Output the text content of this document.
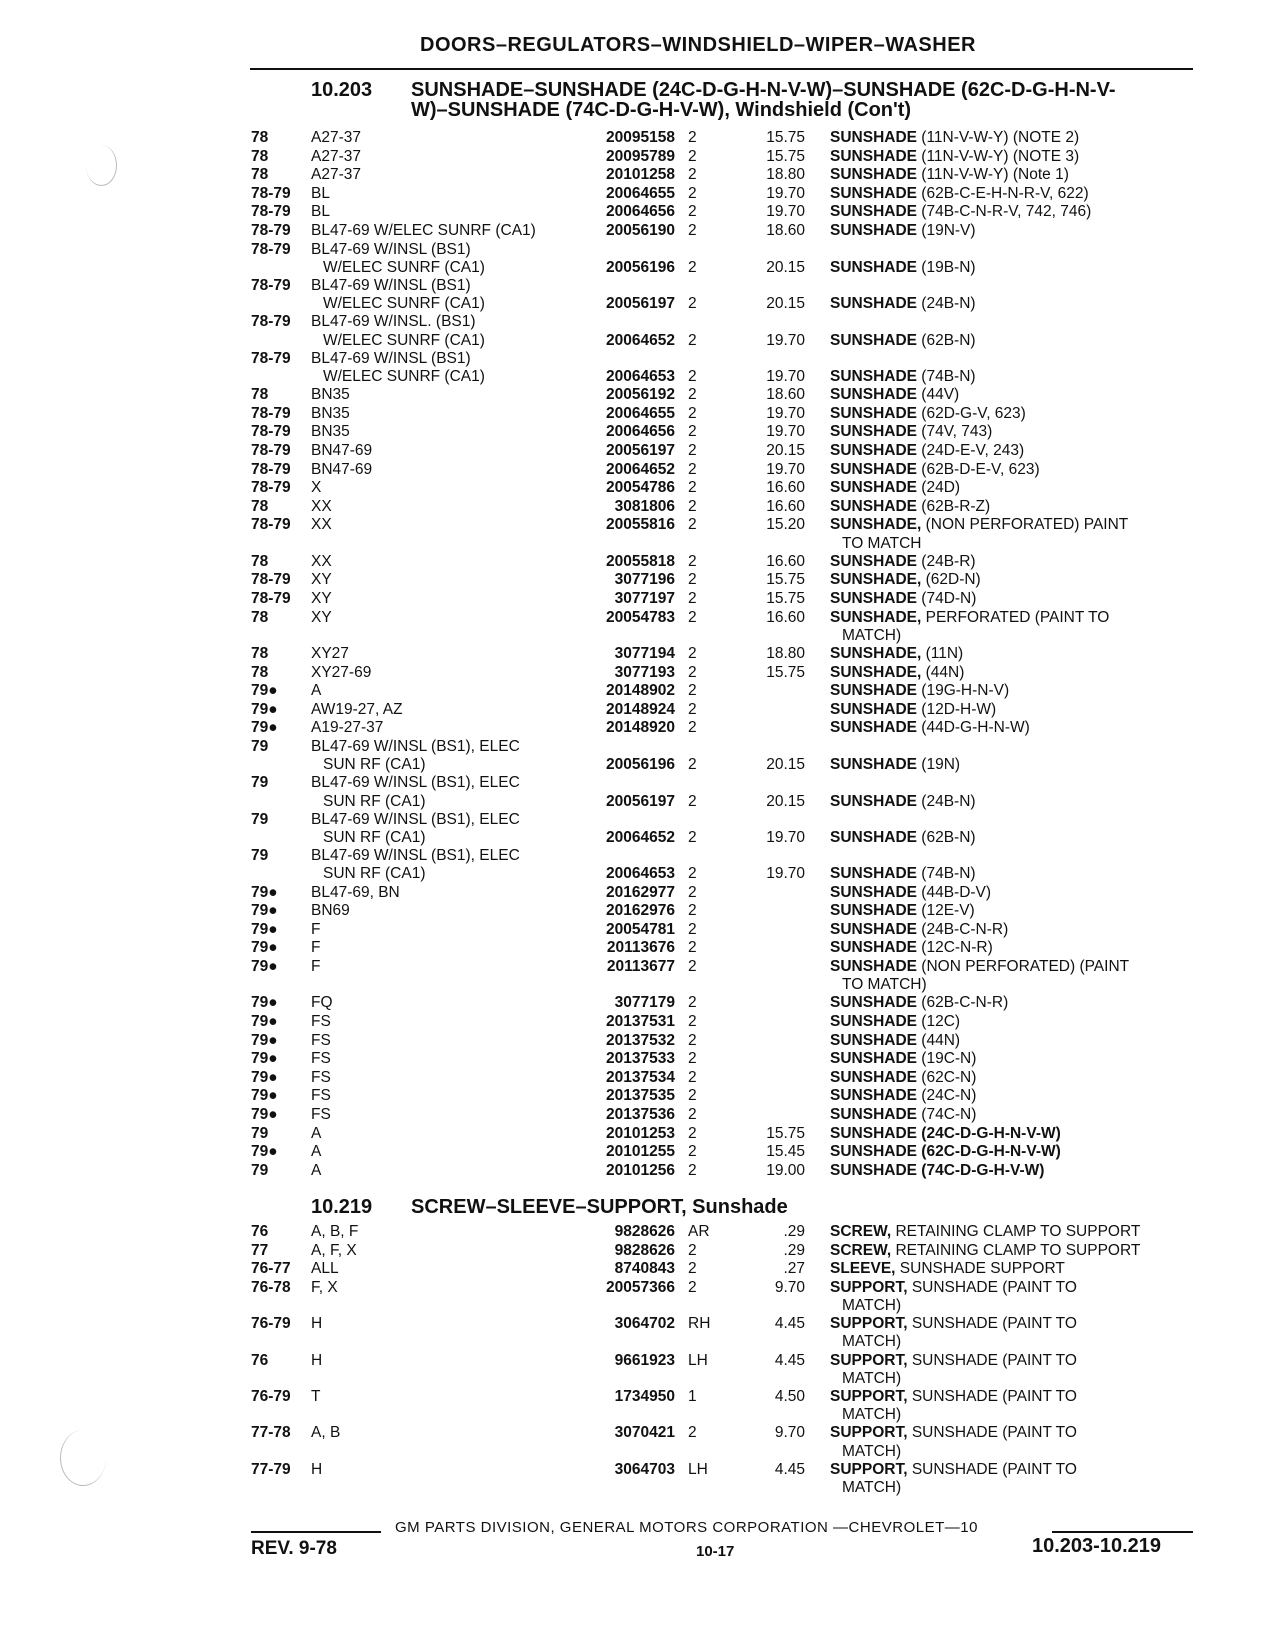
DOORS–REGULATORS–WINDSHIELD–WIPER–WASHER
10.203 SUNSHADE–SUNSHADE (24C-D-G-H-N-V-W)–SUNSHADE (62C-D-G-H-N-V-
W)–SUNSHADE (74C-D-G-H-V-W), Windshield (Con't)
78	A27-37	20095158 2	15.75 SUNSHADE (11N-V-W-Y) (NOTE 2)
78	A27-37	20095789 2	15.75 SUNSHADE (11N-V-W-Y) (NOTE 3)
78	A27-37	20101258 2	18.80 SUNSHADE (11N-V-W-Y) (Note 1)
78-79	BL	20064655 2	19.70 SUNSHADE (62B-C-E-H-N-R-V, 622)
78-79	BL	20064656 2	19.70 SUNSHADE (74B-C-N-R-V, 742, 746)
78-79	BL47-69 W/ELEC SUNRF (CA1)	20056190 2	18.60 SUNSHADE (19N-V)
78-79	BL47-69 W/INSL (BS1)
W/ELEC SUNRF (CA1)	20056196 2	20.15 SUNSHADE (19B-N)
78-79	BL47-69 W/INSL (BS1)
W/ELEC SUNRF (CA1)	20056197 2	20.15 SUNSHADE (24B-N)
78-79	BL47-69 W/INSL. (BS1)
W/ELEC SUNRF (CA1)	20064652 2	19.70 SUNSHADE (62B-N)
78-79	BL47-69 W/INSL (BS1)
W/ELEC SUNRF (CA1)	20064653 2	19.70 SUNSHADE (74B-N)
78	BN35	20056192 2	18.60 SUNSHADE (44V)
78-79	BN35	20064655 2	19.70 SUNSHADE (62D-G-V, 623)
78-79	BN35	20064656 2	19.70 SUNSHADE (74V, 743)
78-79	BN47-69	20056197 2	20.15 SUNSHADE (24D-E-V, 243)
78-79	BN47-69	20064652 2	19.70 SUNSHADE (62B-D-E-V, 623)
78-79	X	20054786 2	16.60 SUNSHADE (24D)
78	XX	3081806 2	16.60 SUNSHADE (62B-R-Z)
78-79	XX	20055816 2	15.20 SUNSHADE, (NON PERFORATED) PAINT
TO MATCH
78	XX	20055818 2	16.60 SUNSHADE (24B-R)
78-79	XY	3077196 2	15.75 SUNSHADE, (62D-N)
78-79	XY	3077197 2	15.75 SUNSHADE (74D-N)
78	XY	20054783 2	16.60 SUNSHADE, PERFORATED (PAINT TO
MATCH)
78	XY27	3077194 2	18.80 SUNSHADE, (11N)
78	XY27-69	3077193 2	15.75 SUNSHADE, (44N)
79●	A	20148902 2	SUNSHADE (19G-H-N-V)
79●	AW19-27, AZ	20148924 2	SUNSHADE (12D-H-W)
79●	A19-27-37	20148920 2	SUNSHADE (44D-G-H-N-W)
79	BL47-69 W/INSL (BS1), ELEC
SUN RF (CA1)	20056196 2	20.15 SUNSHADE (19N)
79	BL47-69 W/INSL (BS1), ELEC
SUN RF (CA1)	20056197 2	20.15 SUNSHADE (24B-N)
79	BL47-69 W/INSL (BS1), ELEC
SUN RF (CA1)	20064652 2	19.70 SUNSHADE (62B-N)
79	BL47-69 W/INSL (BS1), ELEC
SUN RF (CA1)	20064653 2	19.70 SUNSHADE (74B-N)
79●	BL47-69, BN	20162977 2	SUNSHADE (44B-D-V)
79●	BN69	20162976 2	SUNSHADE (12E-V)
79●	F	20054781 2	SUNSHADE (24B-C-N-R)
79●	F	20113676 2	SUNSHADE (12C-N-R)
79●	F	20113677 2	SUNSHADE (NON PERFORATED) (PAINT
TO MATCH)
79●	FQ	3077179 2	SUNSHADE (62B-C-N-R)
79●	FS	20137531 2	SUNSHADE (12C)
79●	FS	20137532 2	SUNSHADE (44N)
79●	FS	20137533 2	SUNSHADE (19C-N)
79●	FS	20137534 2	SUNSHADE (62C-N)
79●	FS	20137535 2	SUNSHADE (24C-N)
79●	FS	20137536 2	SUNSHADE (74C-N)
79	A	20101253 2	15.75 SUNSHADE (24C-D-G-H-N-V-W)
79●	A	20101255 2	15.45 SUNSHADE (62C-D-G-H-N-V-W)
79	A	20101256 2	19.00 SUNSHADE (74C-D-G-H-V-W)
10.219 SCREW–SLEEVE–SUPPORT, Sunshade
76	A, B, F	9828626 AR	.29 SCREW, RETAINING CLAMP TO SUPPORT
77	A, F, X	9828626 2	.29 SCREW, RETAINING CLAMP TO SUPPORT
76-77	ALL	8740843 2	.27 SLEEVE, SUNSHADE SUPPORT
76-78	F, X	20057366 2	9.70 SUPPORT, SUNSHADE (PAINT TO
MATCH)
76-79	H	3064702 RH	4.45 SUPPORT, SUNSHADE (PAINT TO
MATCH)
76	H	9661923 LH	4.45 SUPPORT, SUNSHADE (PAINT TO
MATCH)
76-79	T	1734950 1	4.50 SUPPORT, SUNSHADE (PAINT TO
MATCH)
77-78	A, B	3070421 2	9.70 SUPPORT, SUNSHADE (PAINT TO
MATCH)
77-79	H	3064703 LH	4.45 SUPPORT, SUNSHADE (PAINT TO
MATCH)
GM PARTS DIVISION, GENERAL MOTORS CORPORATION —CHEVROLET—10
REV. 9-78	10-17	10.203-10.219
